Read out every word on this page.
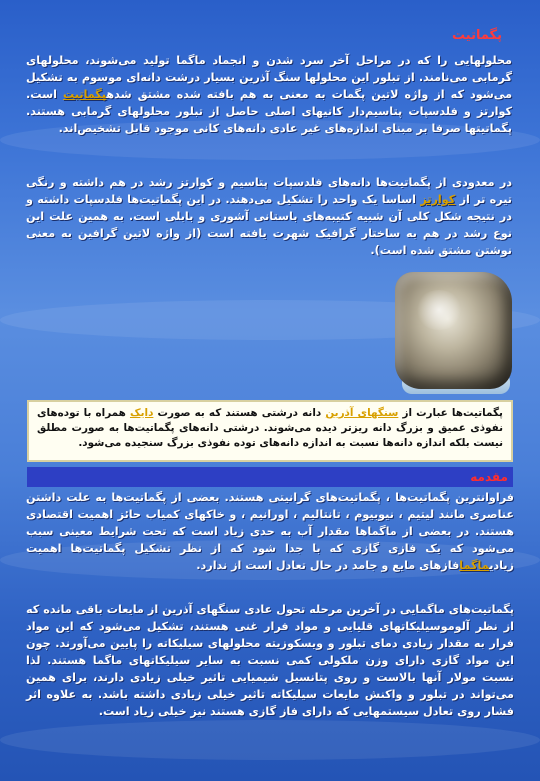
پگماتیت
محلولهایی را که در مراحل آخر سرد شدن و انجماد ماگما تولید می‌شوند، محلولهای گرمابی می‌نامند. از تبلور این محلولها سنگ آذرین بسیار درشت دانه‌ای موسوم به تشکیل می‌شود که از واژه لاتین پگمات به معنی به هم بافته شده مشتق شدهپگماتیت است. کوارتز و فلدسپات پتاسیم‌دار کانیهای اصلی حاصل از تبلور محلولهای گرمابی هستند. پگماتیتها صرفا بر مبنای اندازه‌های غیر عادی دانه‌های کانی موجود قابل تشخیص‌اند.
در معدودی از پگماتیت‌ها دانه‌های فلدسپات پتاسیم و کوارتز رشد در هم داشته و رنگی تیره تر از کوارتز اساسا یک واحد را تشکیل می‌دهند. در این پگماتیت‌ها فلدسپات داشته و در نتیجه شکل کلی آن شبیه کتیبه‌های باستانی آشوری و بابلی است. به همین علت این نوع رشد در هم به ساختار گرافیک شهرت یافته است (از واژه لاتین گرافین به معنی نوشتن مشتق شده است).
پگماتیت‌ها عبارت از سنگهای آذرین دانه درشتی هستند که به صورت دایک همراه با توده‌های نفوذی عمیق و بزرگ دانه ریزتر دیده می‌شوند. درشتی دانه‌های پگماتیت‌ها به صورت مطلق نیست بلکه اندازه دانه‌ها نسبت به اندازه دانه‌های توده نفوذی بزرگ سنجیده می‌شود.
مقدمه
فراوانترین پگماتیت‌ها ، پگماتیت‌های گرانیتی هستند. بعضی از پگماتیت‌ها به علت داشتن عناصری مانند لیتیم ، نیوبیوم ، تانتالیم ، اورانیم ، و خاکهای کمیاب حائز اهمیت اقتصادی هستند. در بعضی از ماگماها مقدار آب به حدی زیاد است که تحت شرایط معینی سبب می‌شود که یک فازی گازی که با جدا شود که از نظر تشکیل پگماتیت‌ها اهمیت زیادیماگمافازهای مایع و جامد در حال تعادل است از ندارد.
پگماتیت‌های ماگمایی در آخرین مرحله تحول عادی سنگهای آذرین از مایعات باقی مانده که از نظر آلوموسیلیکاتهای قلیایی و مواد فرار غنی هستند، تشکیل می‌شود که این مواد فرار به مقدار زیادی دمای تبلور و ویسکوزیته محلولهای سیلیکاته را پایین می‌آورند. چون این مواد گازی دارای وزن ملکولی کمی نسبت به سایر سیلیکاتهای ماگما هستند. لذا نسبت مولار آنها بالاست و روی پتانسیل شیمیایی تاثیر خیلی زیادی دارند، برای همین می‌تواند در تبلور و واکنش مایعات سیلیکاته تاثیر خیلی زیادی داشته باشد. به علاوه اثر فشار روی تعادل سیستمهایی که دارای فاز گازی هستند نیز خیلی زیاد است.
